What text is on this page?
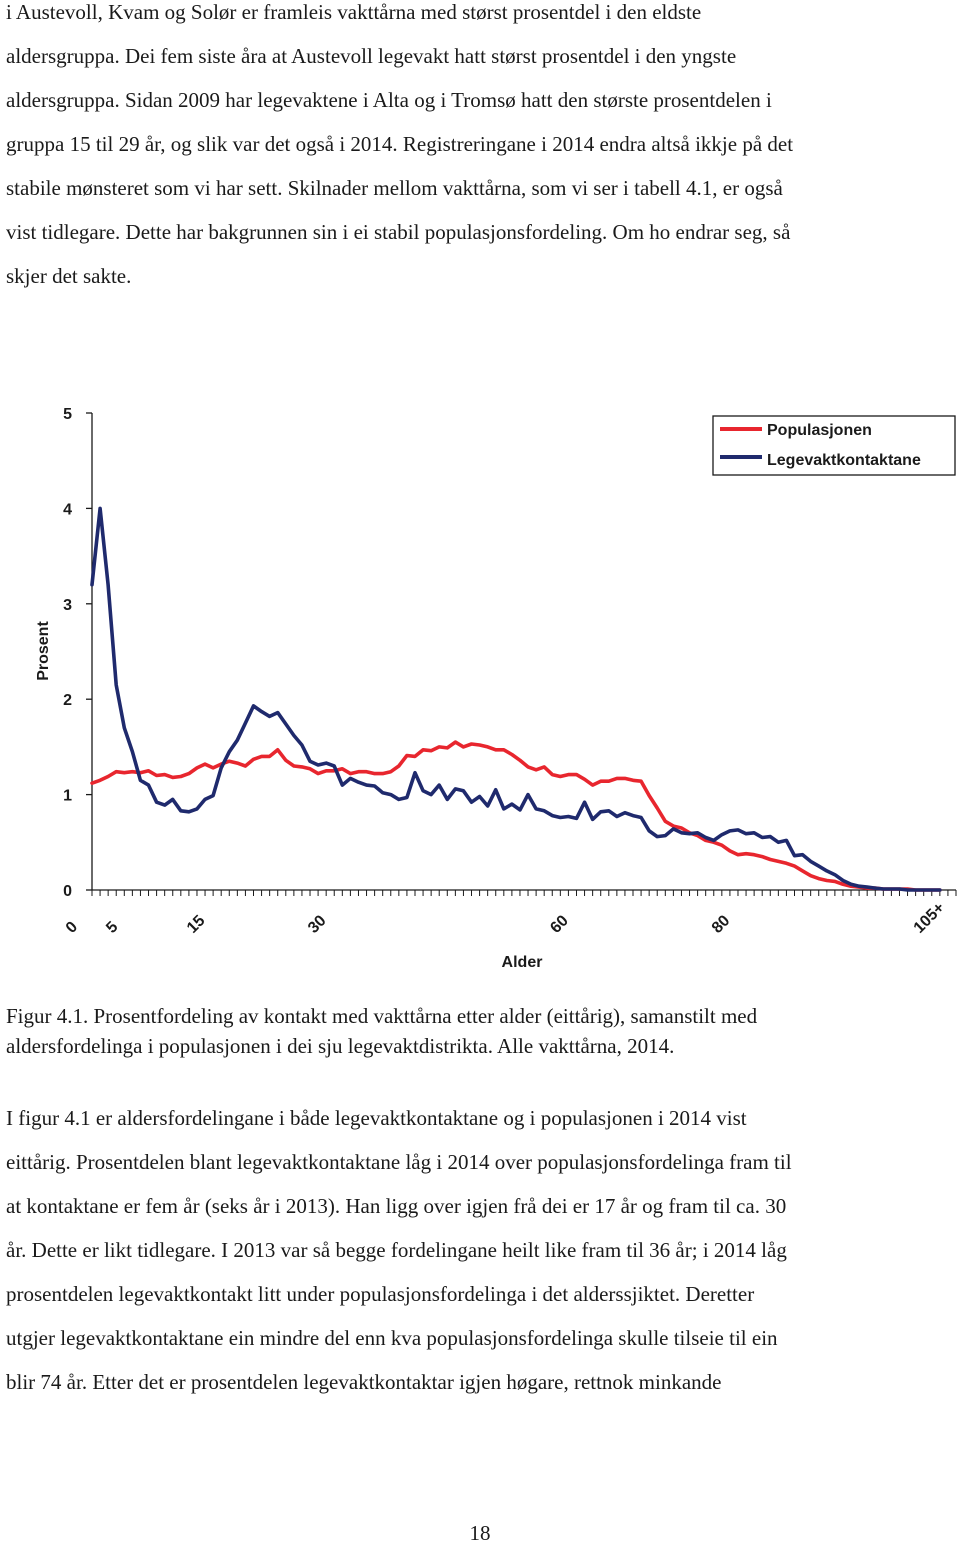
i Austevoll, Kvam og Solør er framleis vakttårna med størst prosentdel i den eldste
aldersgruppa. Dei fem siste åra at Austevoll legevakt hatt størst prosentdel i den yngste
aldersgruppa. Sidan 2009 har legevaktene i Alta og i Tromsø hatt den største prosentdelen i
gruppa 15 til 29 år, og slik var det også i 2014. Registreringane i 2014 endra altså ikkje på det
stabile mønsteret som vi har sett. Skilnader mellom vakttårna, som vi ser i tabell 4.1, er også
vist tidlegare. Dette har bakgrunnen sin i ei stabil populasjonsfordeling. Om ho endrar seg, så
skjer det sakte.
0
1
2
3
4
5
0 5	15	30	60	80	105+
Prosent
Alder
Populasjonen
Legevaktkontaktane
Figur 4.1. Prosentfordeling av kontakt med vakttårna etter alder (eittårig), samanstilt med
aldersfordelinga i populasjonen i dei sju legevaktdistrikta. Alle vakttårna, 2014.
I figur 4.1 er aldersfordelingane i både legevaktkontaktane og i populasjonen i 2014 vist
eittårig. Prosentdelen blant legevaktkontaktane låg i 2014 over populasjonsfordelinga fram til
at kontaktane er fem år (seks år i 2013). Han ligg over igjen frå dei er 17 år og fram til ca. 30
år. Dette er likt tidlegare. I 2013 var så begge fordelingane heilt like fram til 36 år; i 2014 låg
prosentdelen legevaktkontakt litt under populasjonsfordelinga i det alderssjiktet. Deretter
utgjer legevaktkontaktane ein mindre del enn kva populasjonsfordelinga skulle tilseie til ein
blir 74 år. Etter det er prosentdelen legevaktkontaktar igjen høgare, rettnok minkande
18
